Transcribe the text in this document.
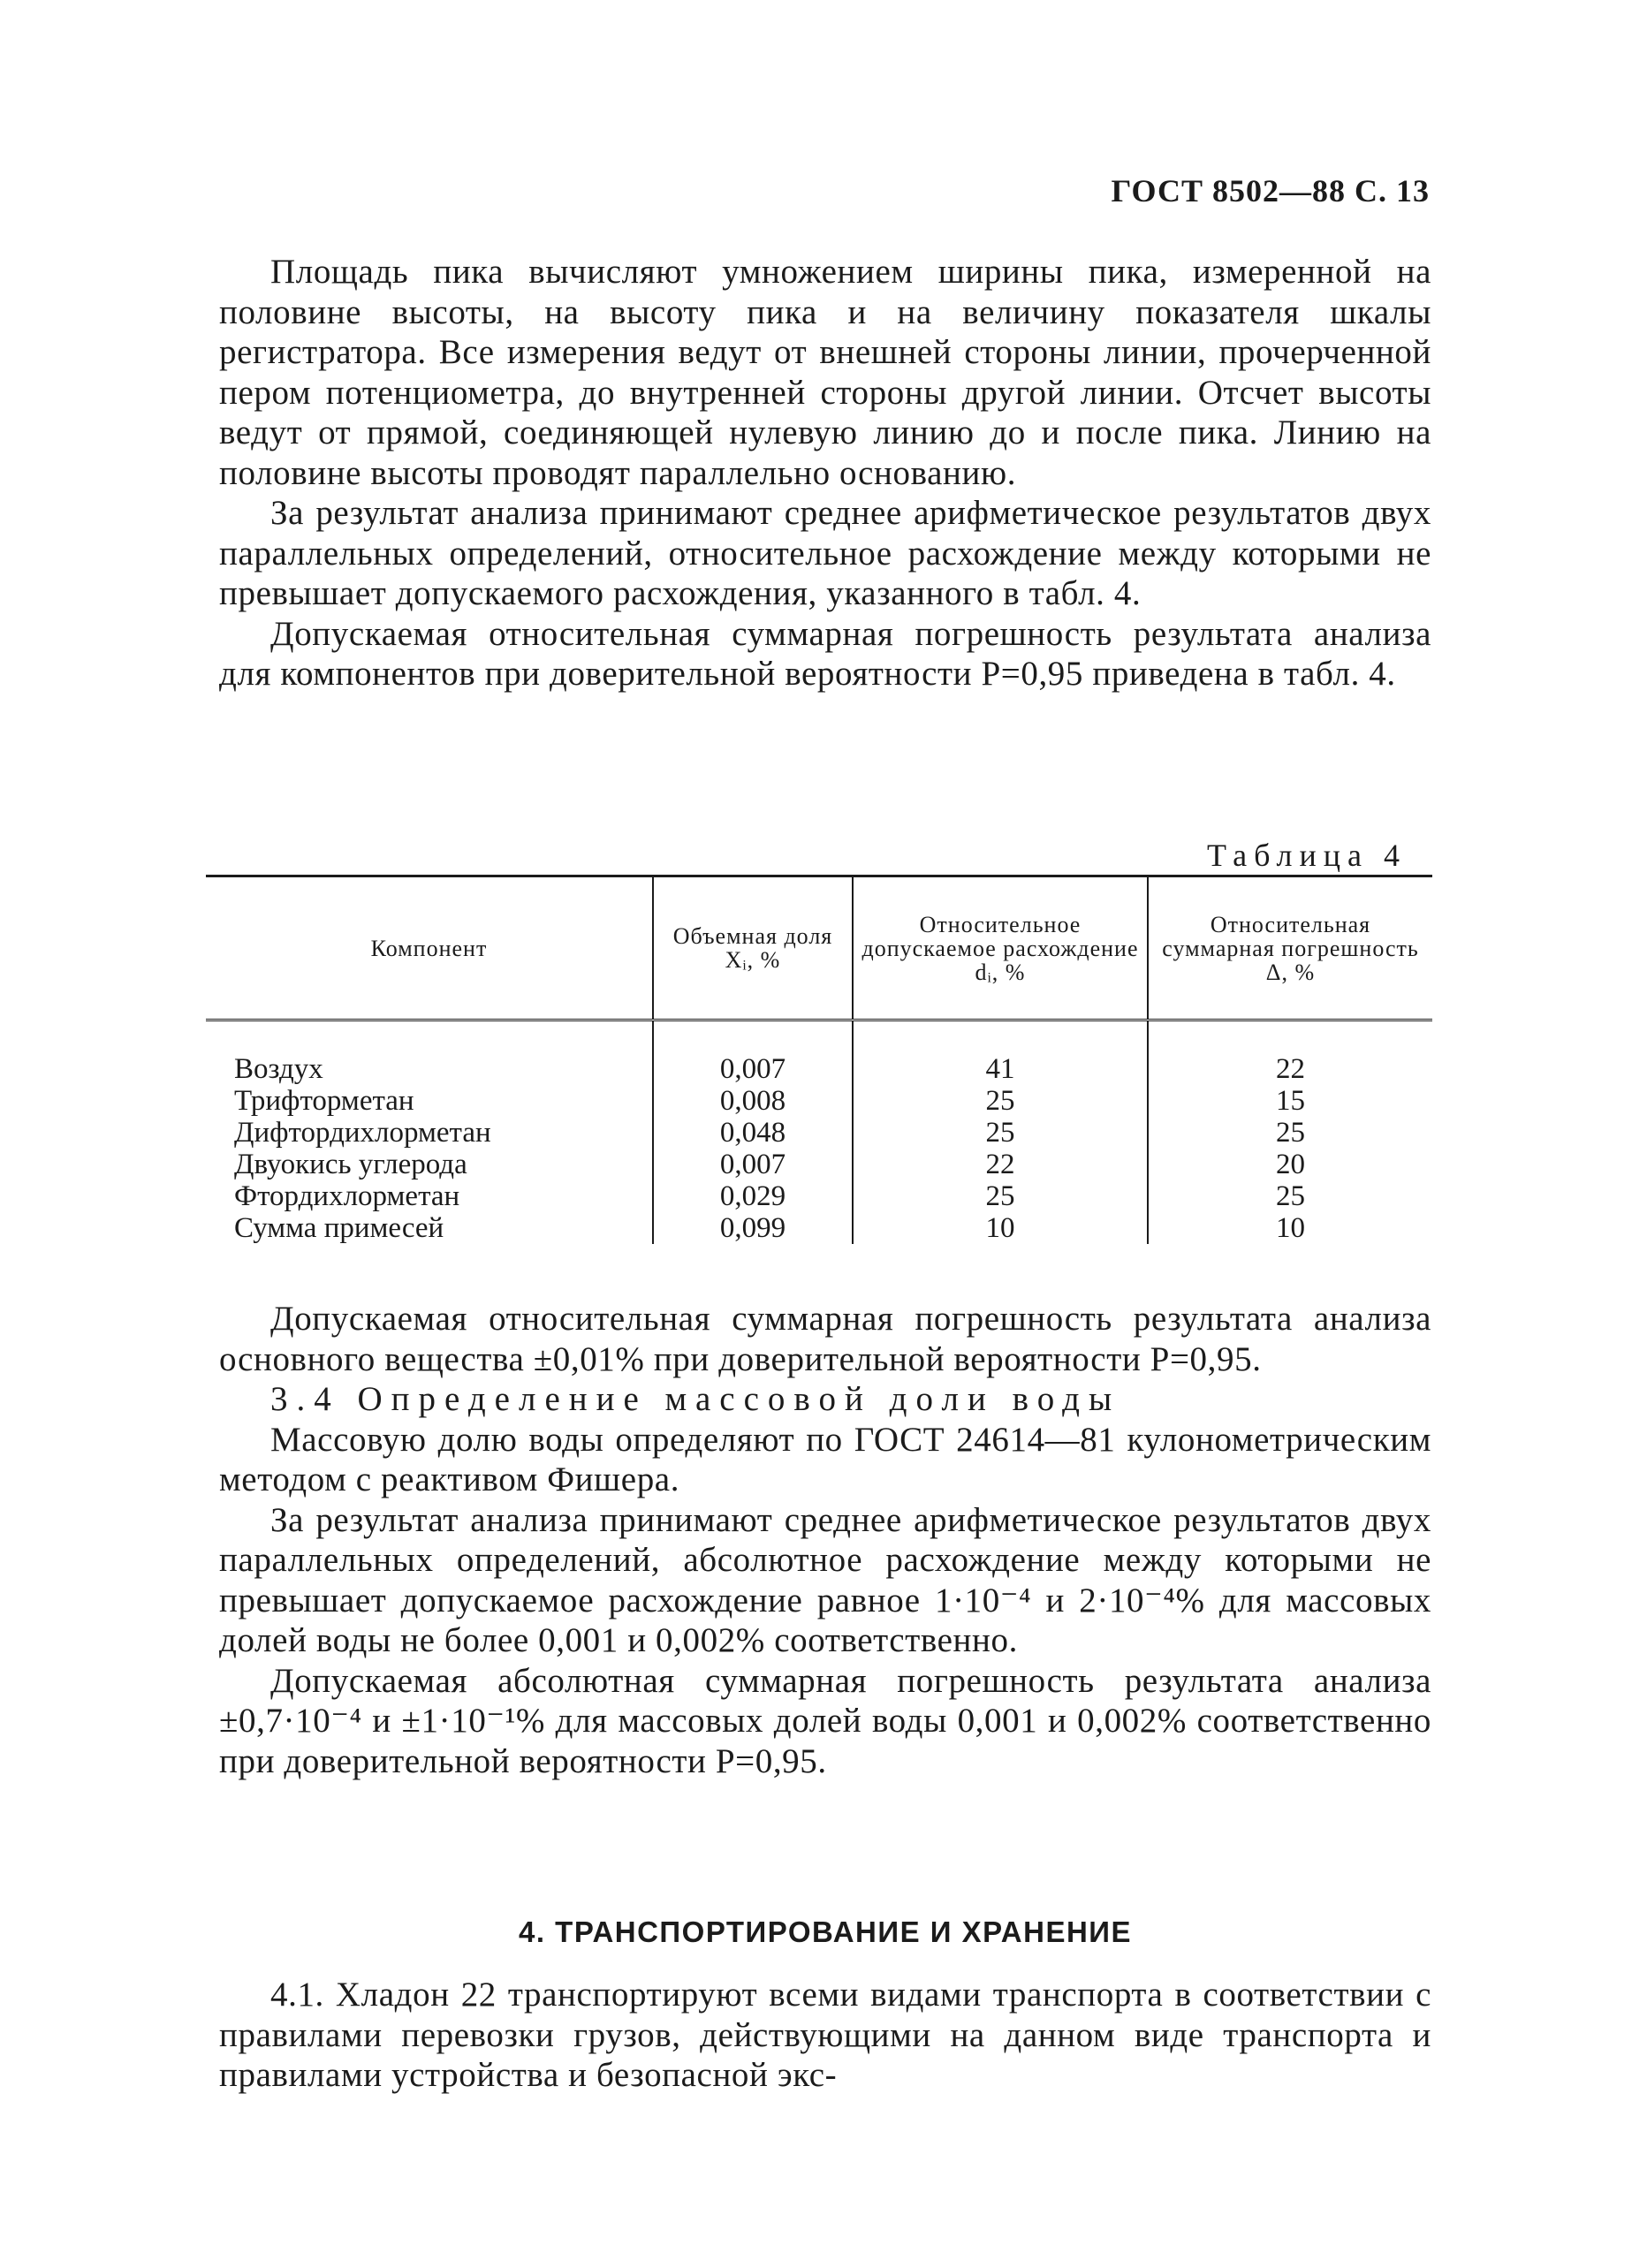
ГОСТ 8502—88 С. 13

Площадь пика вычисляют умножением ширины пика, измеренной на половине высоты, на высоту пика и на величину показателя шкалы регистратора. Все измерения ведут от внешней стороны линии, прочерченной пером потенциометра, до внутренней стороны другой линии. Отсчет высоты ведут от прямой, соединяющей нулевую линию до и после пика. Линию на половине высоты проводят параллельно основанию.

За результат анализа принимают среднее арифметическое результатов двух параллельных определений, относительное расхождение между которыми не превышает допускаемого расхождения, указанного в табл. 4.

Допускаемая относительная суммарная погрешность результата анализа для компонентов при доверительной вероятности P=0,95 приведена в табл. 4.

Таблица 4
Компонент	Объемная доля Xᵢ, %	Относительное допускаемое расхождение dᵢ, %	Относительная суммарная погрешность Δ, %
Воздух	0,007	41	22
Трифторметан	0,008	25	15
Дифтордихлорметан	0,048	25	25
Двуокись углерода	0,007	22	20
Фтордихлорметан	0,029	25	25
Сумма примесей	0,099	10	10

Допускаемая относительная суммарная погрешность результата анализа основного вещества ±0,01% при доверительной вероятности P=0,95.

3.4 Определение массовой доли воды

Массовую долю воды определяют по ГОСТ 24614—81 кулонометрическим методом с реактивом Фишера.

За результат анализа принимают среднее арифметическое результатов двух параллельных определений, абсолютное расхождение между которыми не превышает допускаемое расхождение равное 1·10⁻⁴ и 2·10⁻⁴% для массовых долей воды не более 0,001 и 0,002% соответственно.

Допускаемая абсолютная суммарная погрешность результата анализа ±0,7·10⁻⁴ и ±1·10⁻¹% для массовых долей воды 0,001 и 0,002% соответственно при доверительной вероятности P=0,95.

4. ТРАНСПОРТИРОВАНИЕ И ХРАНЕНИЕ

4.1. Хладон 22 транспортируют всеми видами транспорта в соответствии с правилами перевозки грузов, действующими на данном виде транспорта и правилами устройства и безопасной экс-
